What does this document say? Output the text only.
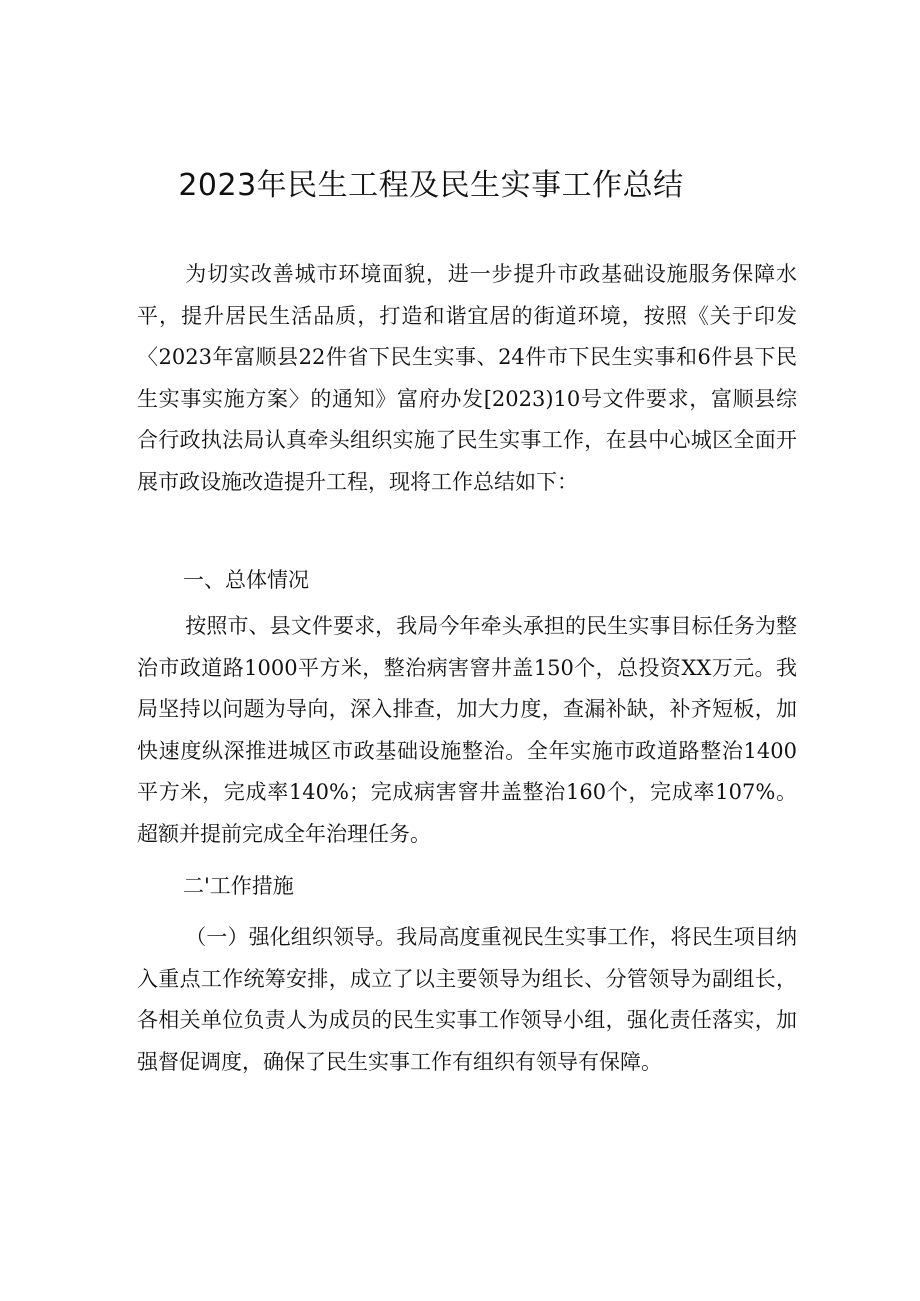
2023年民生工程及民生实事工作总结

为切实改善城市环境面貌，进一步提升市政基础设施服务保障水平，提升居民生活品质，打造和谐宜居的街道环境，按照《关于印发〈2023年富顺县22件省下民生实事、24件市下民生实事和6件县下民生实事实施方案〉的通知》富府办发[2023)10号文件要求，富顺县综合行政执法局认真牵头组织实施了民生实事工作，在县中心城区全面开展市政设施改造提升工程，现将工作总结如下：

一、总体情况

按照市、县文件要求，我局今年牵头承担的民生实事目标任务为整治市政道路1000平方米，整治病害窨井盖150个，总投资XX万元。我局坚持以问题为导向，深入排查，加大力度，查漏补缺，补齐短板，加快速度纵深推进城区市政基础设施整治。全年实施市政道路整治1400平方米，完成率140%；完成病害窨井盖整治160个，完成率107%。超额并提前完成全年治理任务。

二'工作措施

（一）强化组织领导。我局高度重视民生实事工作，将民生项目纳入重点工作统筹安排，成立了以主要领导为组长、分管领导为副组长，各相关单位负责人为成员的民生实事工作领导小组，强化责任落实，加强督促调度，确保了民生实事工作有组织有领导有保障。
